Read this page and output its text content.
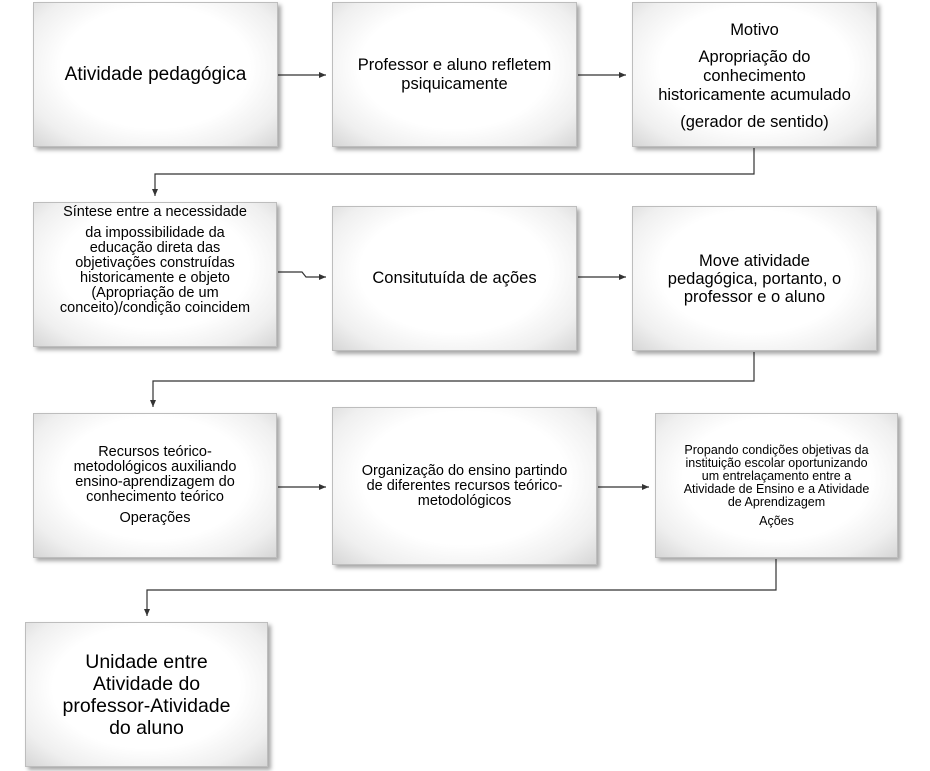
Atividade pedagógica	Professor e aluno refletem
psiquicamente
Motivo
Apropriação do
conhecimento
historicamente acumulado
(gerador de sentido)
Síntese entre a necessidade
da impossibilidade da
educação direta das
objetivações construídas
historicamente e objeto
(Apropriação de um
conceito)/condição coincidem
Consitutuída de ações
Move atividade
pedagógica, portanto, o
professor e o aluno
Recursos teórico-
metodológicos auxiliando
ensino-aprendizagem do
conhecimento teórico
Operações
Organização do ensino partindo
de diferentes recursos teórico-
metodológicos
Propando condições objetivas da
instituição escolar oportunizando
um entrelaçamento entre a
Atividade de Ensino e a Atividade
de Aprendizagem
Ações
Unidade entre
Atividade do
professor-Atividade
do aluno
